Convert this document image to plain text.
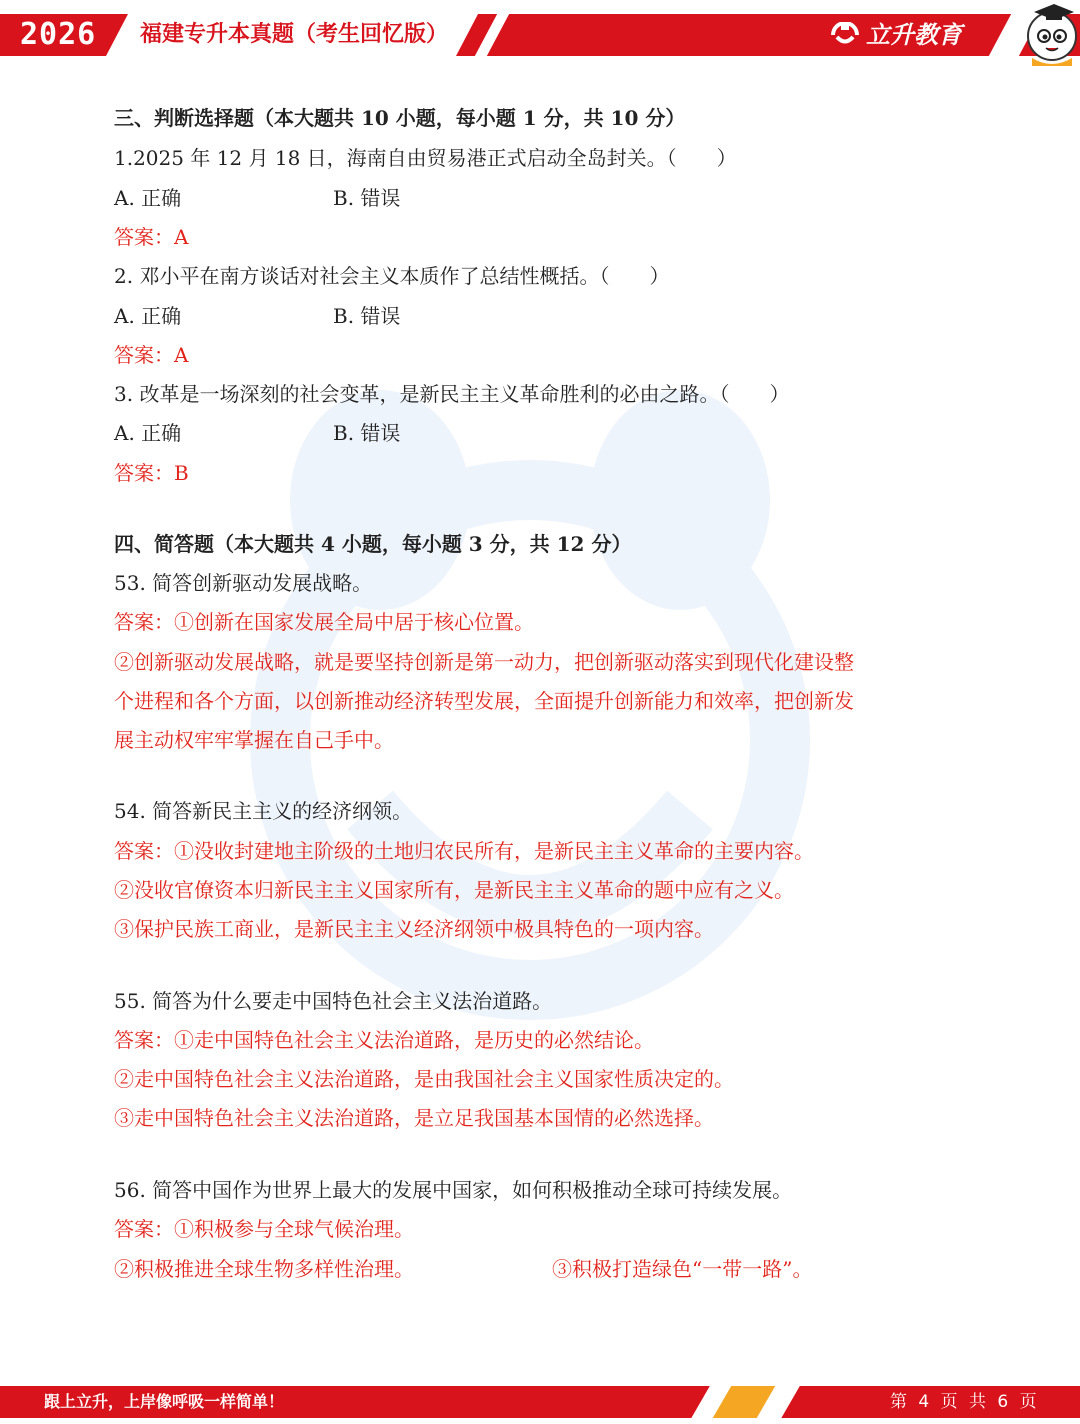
2026 福建专升本真题（考生回忆版）	立升教育
三、判断选择题（本大题共 10 小题，每小题 1 分，共 10 分）
1.2025 年 12 月 18 日，海南自由贸易港正式启动全岛封关。（　　）
A. 正确	B. 错误
答案：A
2. 邓小平在南方谈话对社会主义本质作了总结性概括。（　　）
A. 正确	B. 错误
答案：A
3. 改革是一场深刻的社会变革，是新民主主义革命胜利的必由之路。（　　）
A. 正确	B. 错误
答案：B
四、简答题（本大题共 4 小题，每小题 3 分，共 12 分）
53. 简答创新驱动发展战略。
答案：①创新在国家发展全局中居于核心位置。
②创新驱动发展战略，就是要坚持创新是第一动力，把创新驱动落实到现代化建设整
个进程和各个方面，以创新推动经济转型发展，全面提升创新能力和效率，把创新发
展主动权牢牢掌握在自己手中。
54. 简答新民主主义的经济纲领。
答案：①没收封建地主阶级的土地归农民所有，是新民主主义革命的主要内容。
②没收官僚资本归新民主主义国家所有，是新民主主义革命的题中应有之义。
③保护民族工商业，是新民主主义经济纲领中极具特色的一项内容。
55. 简答为什么要走中国特色社会主义法治道路。
答案：①走中国特色社会主义法治道路，是历史的必然结论。
②走中国特色社会主义法治道路，是由我国社会主义国家性质决定的。
③走中国特色社会主义法治道路，是立足我国基本国情的必然选择。
56. 简答中国作为世界上最大的发展中国家，如何积极推动全球可持续发展。
答案：①积极参与全球气候治理。
②积极推进全球生物多样性治理。	③积极打造绿色“一带一路”。
跟上立升，上岸像呼吸一样简单！	第 4 页 共 6 页
